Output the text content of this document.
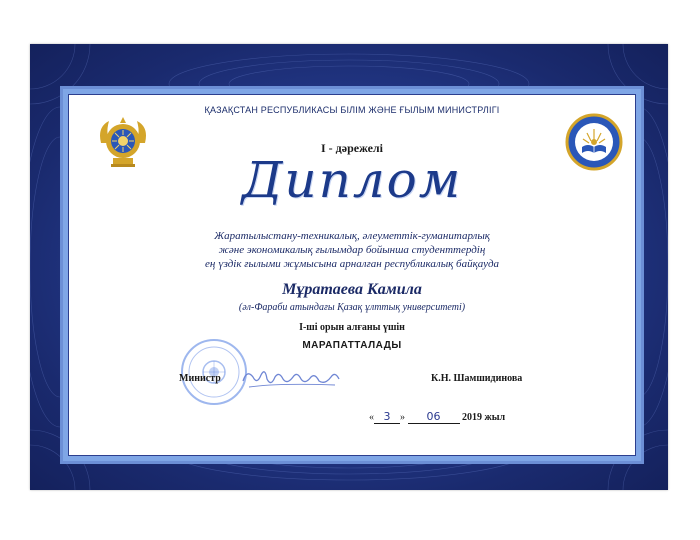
ҚАЗАҚСТАН РЕСПУБЛИКАСЫ БІЛІМ ЖӘНЕ ҒЫЛЫМ МИНИСТРЛІГІ
І - дәрежелі
Диплом
Жаратылыстану-техникалық, әлеуметтік-гуманитарлық
және экономикалық ғылымдар бойынша студенттердің
ең үздік ғылыми жұмысына арналған республикалық байқауда
Мұратаева Камила
(әл-Фараби атындағы Қазақ ұлттық университеті)
І-ші орын алғаны үшін
МАРАПАТТАЛАДЫ
Министр	К.Н. Шамшидинова
« 3 » 06 2019 жыл
